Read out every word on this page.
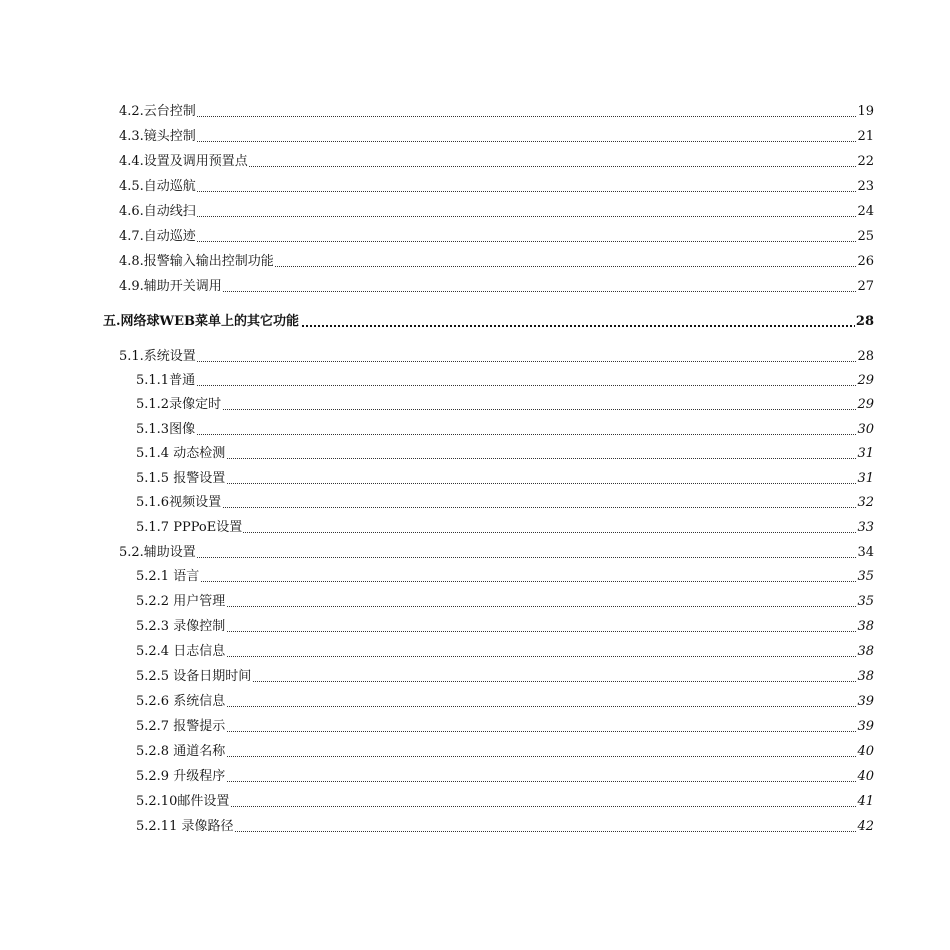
4.2.云台控制	19
4.3.镜头控制	21
4.4.设置及调用预置点	22
4.5.自动巡航	23
4.6.自动线扫	24
4.7.自动巡迹	25
4.8.报警输入输出控制功能	26
4.9.辅助开关调用	27
五.网络球WEB菜单上的其它功能	28
5.1.系统设置	28
5.1.1普通	29
5.1.2录像定时	29
5.1.3图像	30
5.1.4 动态检测	31
5.1.5 报警设置	31
5.1.6视频设置	32
5.1.7 PPPoE设置	33
5.2.辅助设置	34
5.2.1 语言	35
5.2.2 用户管理	35
5.2.3 录像控制	38
5.2.4 日志信息	38
5.2.5 设备日期时间	38
5.2.6 系统信息	39
5.2.7 报警提示	39
5.2.8 通道名称	40
5.2.9 升级程序	40
5.2.10邮件设置	41
5.2.11 录像路径	42
